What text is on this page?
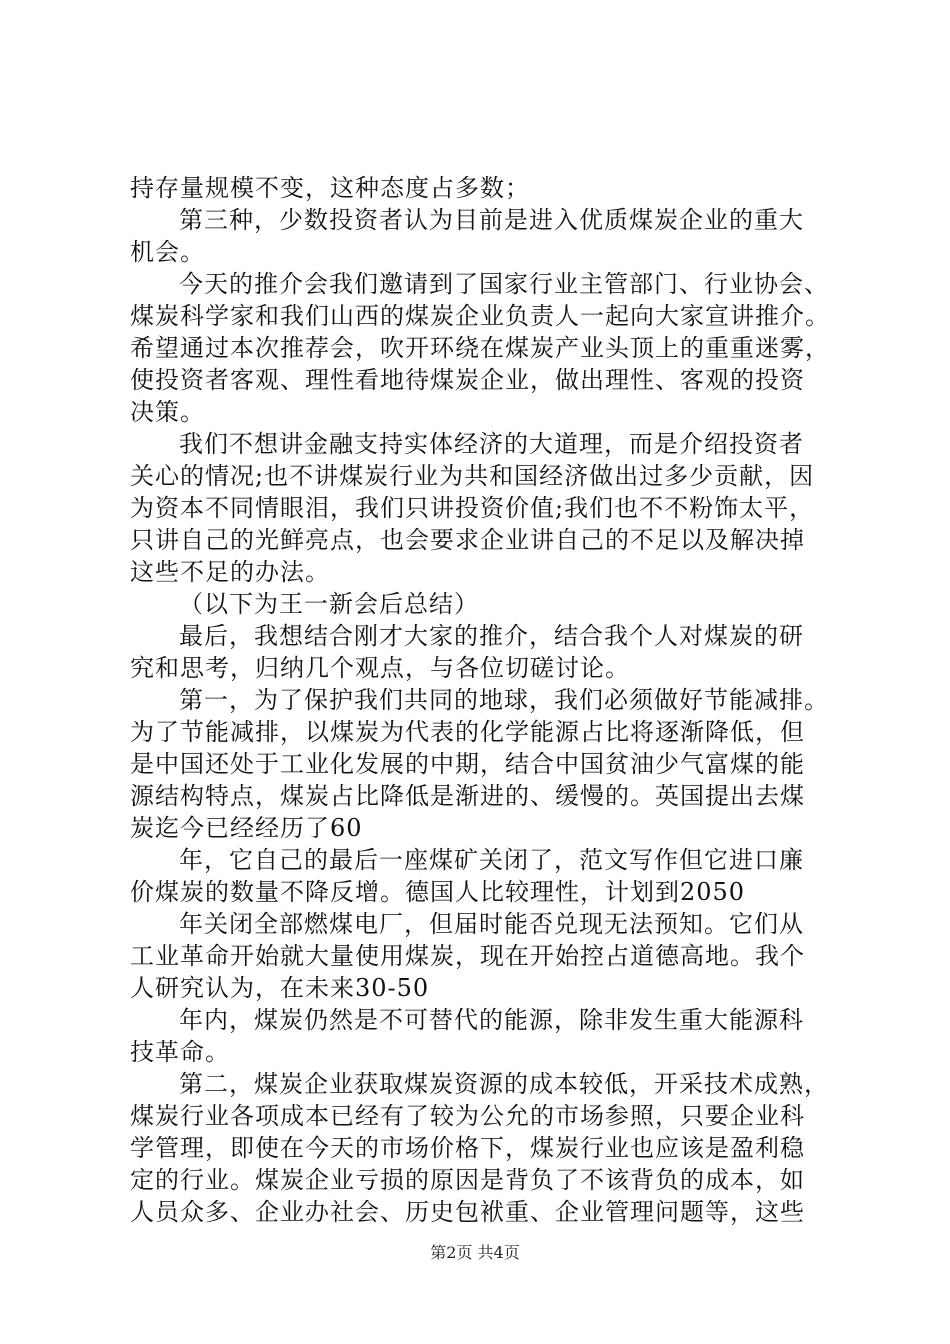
持存量规模不变，这种态度占多数；
第三种，少数投资者认为目前是进入优质煤炭企业的重大
机会。
今天的推介会我们邀请到了国家行业主管部门、行业协会、
煤炭科学家和我们山西的煤炭企业负责人一起向大家宣讲推介。
希望通过本次推荐会，吹开环绕在煤炭产业头顶上的重重迷雾，
使投资者客观、理性看地待煤炭企业，做出理性、客观的投资
决策。
我们不想讲金融支持实体经济的大道理，而是介绍投资者
关心的情况;也不讲煤炭行业为共和国经济做出过多少贡献，因
为资本不同情眼泪，我们只讲投资价值;我们也不不粉饰太平，
只讲自己的光鲜亮点，也会要求企业讲自己的不足以及解决掉
这些不足的办法。
（以下为王一新会后总结）
最后，我想结合刚才大家的推介，结合我个人对煤炭的研
究和思考，归纳几个观点，与各位切磋讨论。
第一，为了保护我们共同的地球，我们必须做好节能减排。
为了节能减排，以煤炭为代表的化学能源占比将逐渐降低，但
是中国还处于工业化发展的中期，结合中国贫油少气富煤的能
源结构特点，煤炭占比降低是渐进的、缓慢的。英国提出去煤
炭迄今已经经历了60
年，它自己的最后一座煤矿关闭了，范文写作但它进口廉
价煤炭的数量不降反增。德国人比较理性，计划到2050
年关闭全部燃煤电厂，但届时能否兑现无法预知。它们从
工业革命开始就大量使用煤炭，现在开始控占道德高地。我个
人研究认为，在未来30-50
年内，煤炭仍然是不可替代的能源，除非发生重大能源科
技革命。
第二，煤炭企业获取煤炭资源的成本较低，开采技术成熟，
煤炭行业各项成本已经有了较为公允的市场参照，只要企业科
学管理，即使在今天的市场价格下，煤炭行业也应该是盈利稳
定的行业。煤炭企业亏损的原因是背负了不该背负的成本，如
人员众多、企业办社会、历史包袱重、企业管理问题等，这些
第2页 共4页
